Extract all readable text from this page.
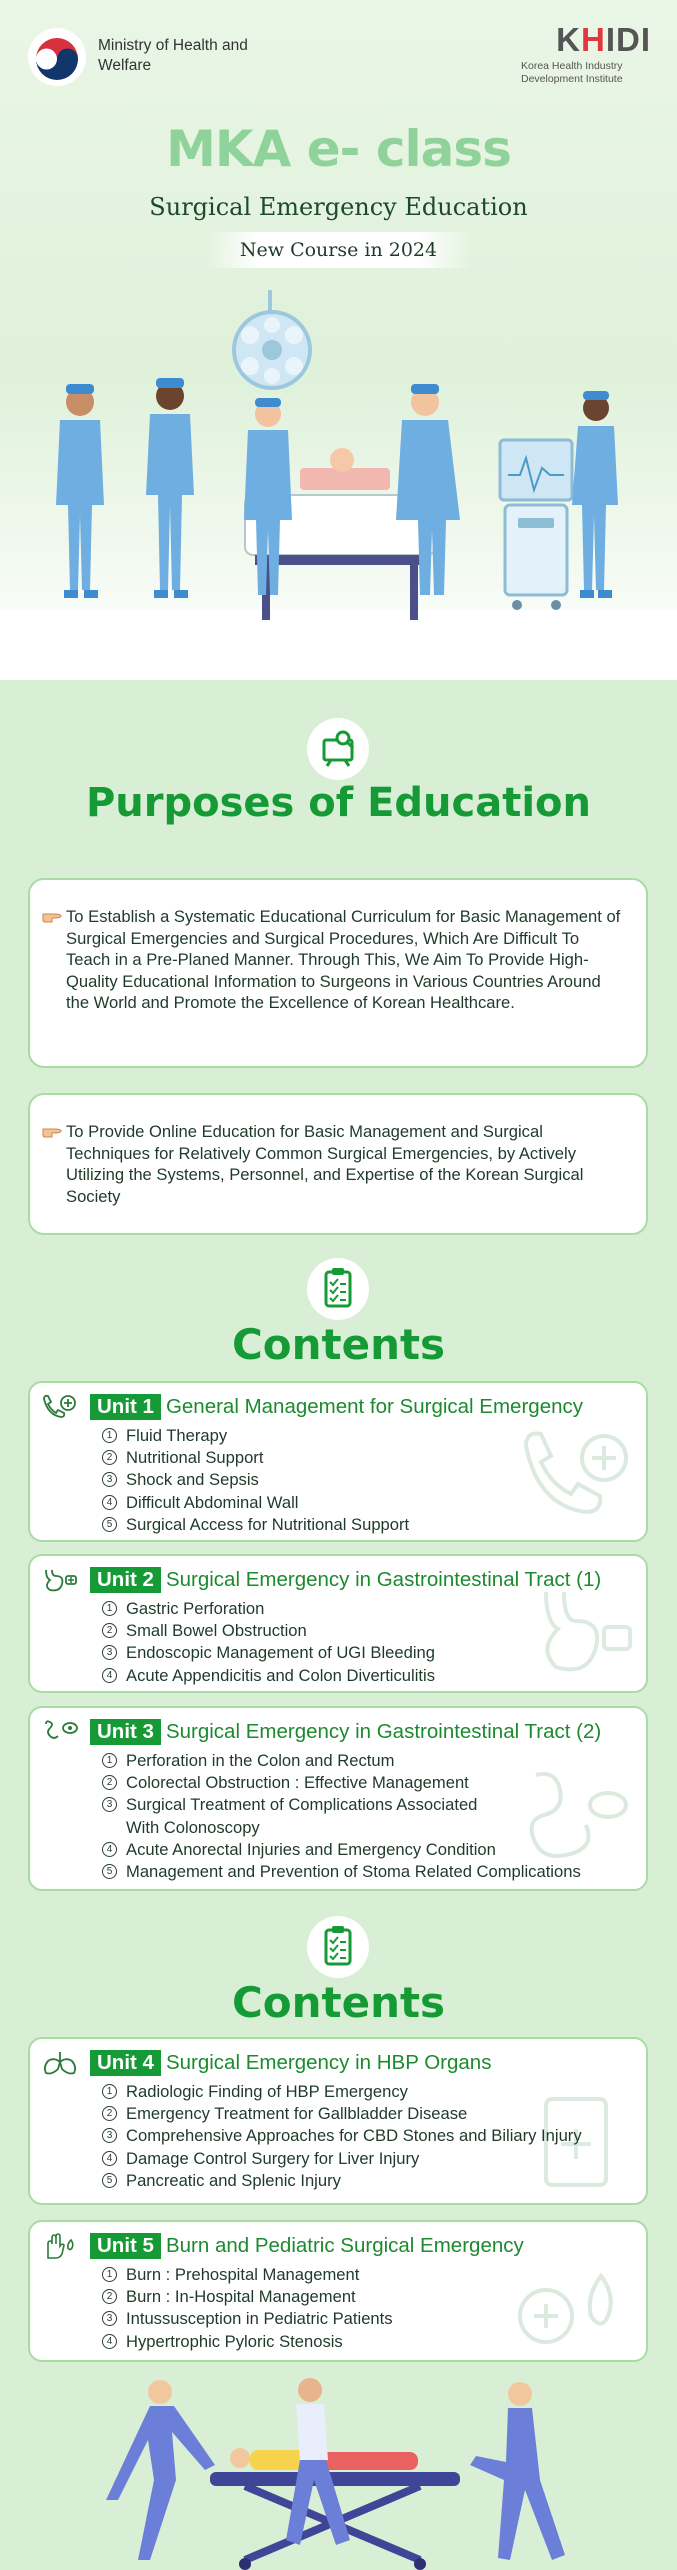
Ministry of Health and Welfare
KHIDI
Korea Health Industry Development Institute
MKA e- class
Surgical Emergency Education
New Course in 2024
Purposes of Education
To Establish a Systematic Educational Curriculum for Basic Management of Surgical Emergencies and Surgical Procedures, Which Are Difficult To Teach in a Pre-Planed Manner. Through This, We Aim To Provide High-Quality Educational Information to Surgeons in Various Countries Around the World and Promote the Excellence of Korean Healthcare.
To Provide Online Education for Basic Management and Surgical Techniques for Relatively Common Surgical Emergencies, by Actively Utilizing the Systems, Personnel, and Expertise of the Korean Surgical Society
Contents
Unit 1 General Management for Surgical Emergency
1 Fluid Therapy
2 Nutritional Support
3 Shock and Sepsis
4 Difficult Abdominal Wall
5 Surgical Access for Nutritional Support
Unit 2 Surgical Emergency in Gastrointestinal Tract (1)
1 Gastric Perforation
2 Small Bowel Obstruction
3 Endoscopic Management of UGI Bleeding
4 Acute Appendicitis and Colon Diverticulitis
Unit 3 Surgical Emergency in Gastrointestinal Tract (2)
1 Perforation in the Colon and Rectum
2 Colorectal Obstruction : Effective Management
3 Surgical Treatment of Complications Associated With Colonoscopy
4 Acute Anorectal Injuries and Emergency Condition
5 Management and Prevention of Stoma Related Complications
Contents
Unit 4 Surgical Emergency in HBP Organs
1 Radiologic Finding of HBP Emergency
2 Emergency Treatment for Gallbladder Disease
3 Comprehensive Approaches for CBD Stones and Biliary Injury
4 Damage Control Surgery for Liver Injury
5 Pancreatic and Splenic Injury
Unit 5 Burn and Pediatric Surgical Emergency
1 Burn : Prehospital Management
2 Burn : In-Hospital Management
3 Intussusception in Pediatric Patients
4 Hypertrophic Pyloric Stenosis
